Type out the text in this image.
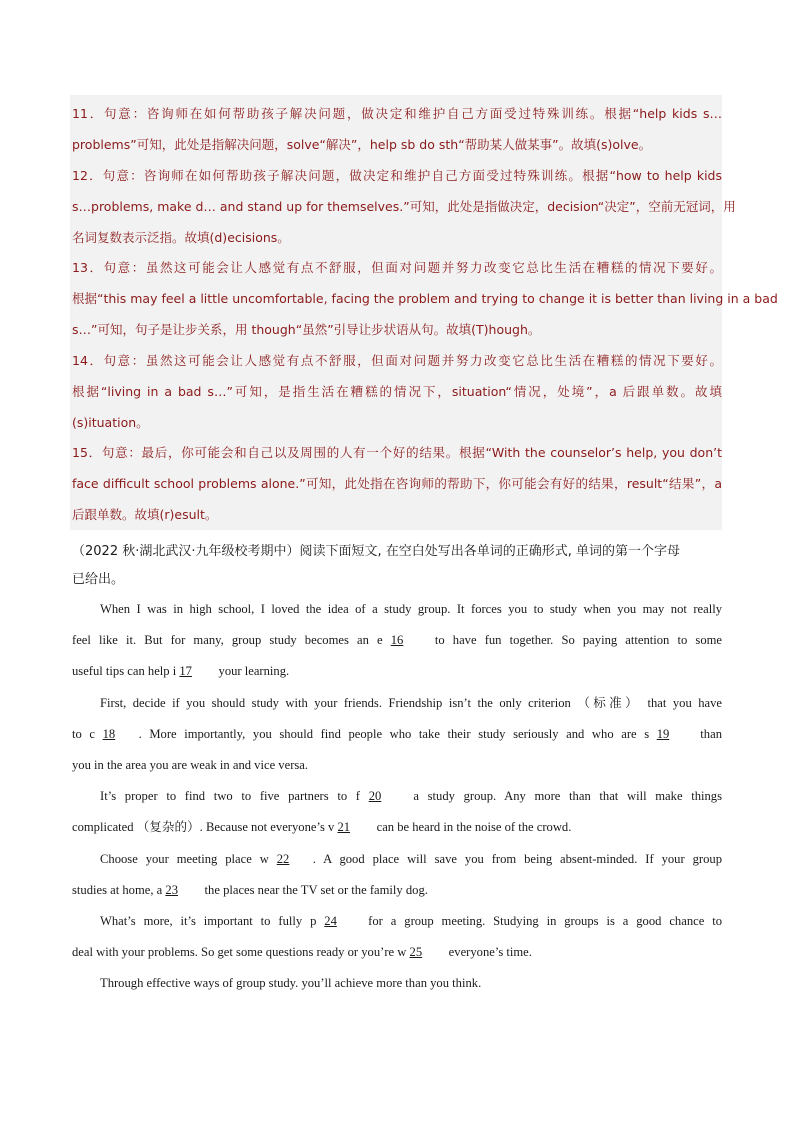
11．句意：咨询师在如何帮助孩子解决问题，做决定和维护自己方面受过特殊训练。根据“help kids s…
problems”可知，此处是指解决问题，solve“解决”，help sb do sth“帮助某人做某事”。故填(s)olve。
12．句意：咨询师在如何帮助孩子解决问题，做决定和维护自己方面受过特殊训练。根据“how to help kids
s…problems, make d… and stand up for themselves.”可知，此处是指做决定，decision“决定”，空前无冠词，用
名词复数表示泛指。故填(d)ecisions。
13．句意：虽然这可能会让人感觉有点不舒服，但面对问题并努力改变它总比生活在糟糕的情况下要好。
根据“this may feel a little uncomfortable, facing the problem and trying to change it is better than living in a bad
s…”可知，句子是让步关系，用 though“虽然”引导让步状语从句。故填(T)hough。
14．句意：虽然这可能会让人感觉有点不舒服，但面对问题并努力改变它总比生活在糟糕的情况下要好。
根据“living in a bad s…”可知，是指生活在糟糕的情况下，situation“情况，处境”，a 后跟单数。故填
(s)ituation。
15．句意：最后，你可能会和自己以及周围的人有一个好的结果。根据“With the counselor’s help, you don’t
face difficult school problems alone.”可知，此处指在咨询师的帮助下，你可能会有好的结果，result“结果”，a
后跟单数。故填(r)esult。
（2022 秋·湖北武汉·九年级校考期中）阅读下面短文, 在空白处写出各单词的正确形式, 单词的第一个字母
已给出。
When I was in high school, I loved the idea of a study group. It forces you to study when you may not really
feel like it. But for many, group study becomes an e 16 to have fun together. So paying attention to some
useful tips can help i 17 your learning.
First, decide if you should study with your friends. Friendship isn’t the only criterion （标准） that you have
to c 18 . More importantly, you should find people who take their study seriously and who are s 19 than
you in the area you are weak in and vice versa.
It’s proper to find two to five partners to f 20 a study group. Any more than that will make things
complicated （复杂的）. Because not everyone’s v 21 can be heard in the noise of the crowd.
Choose your meeting place w 22 . A good place will save you from being absent-minded. If your group
studies at home, a 23 the places near the TV set or the family dog.
What’s more, it’s important to fully p 24 for a group meeting. Studying in groups is a good chance to
deal with your problems. So get some questions ready or you’re w 25 everyone’s time.
Through effective ways of group study. you’ll achieve more than you think.
